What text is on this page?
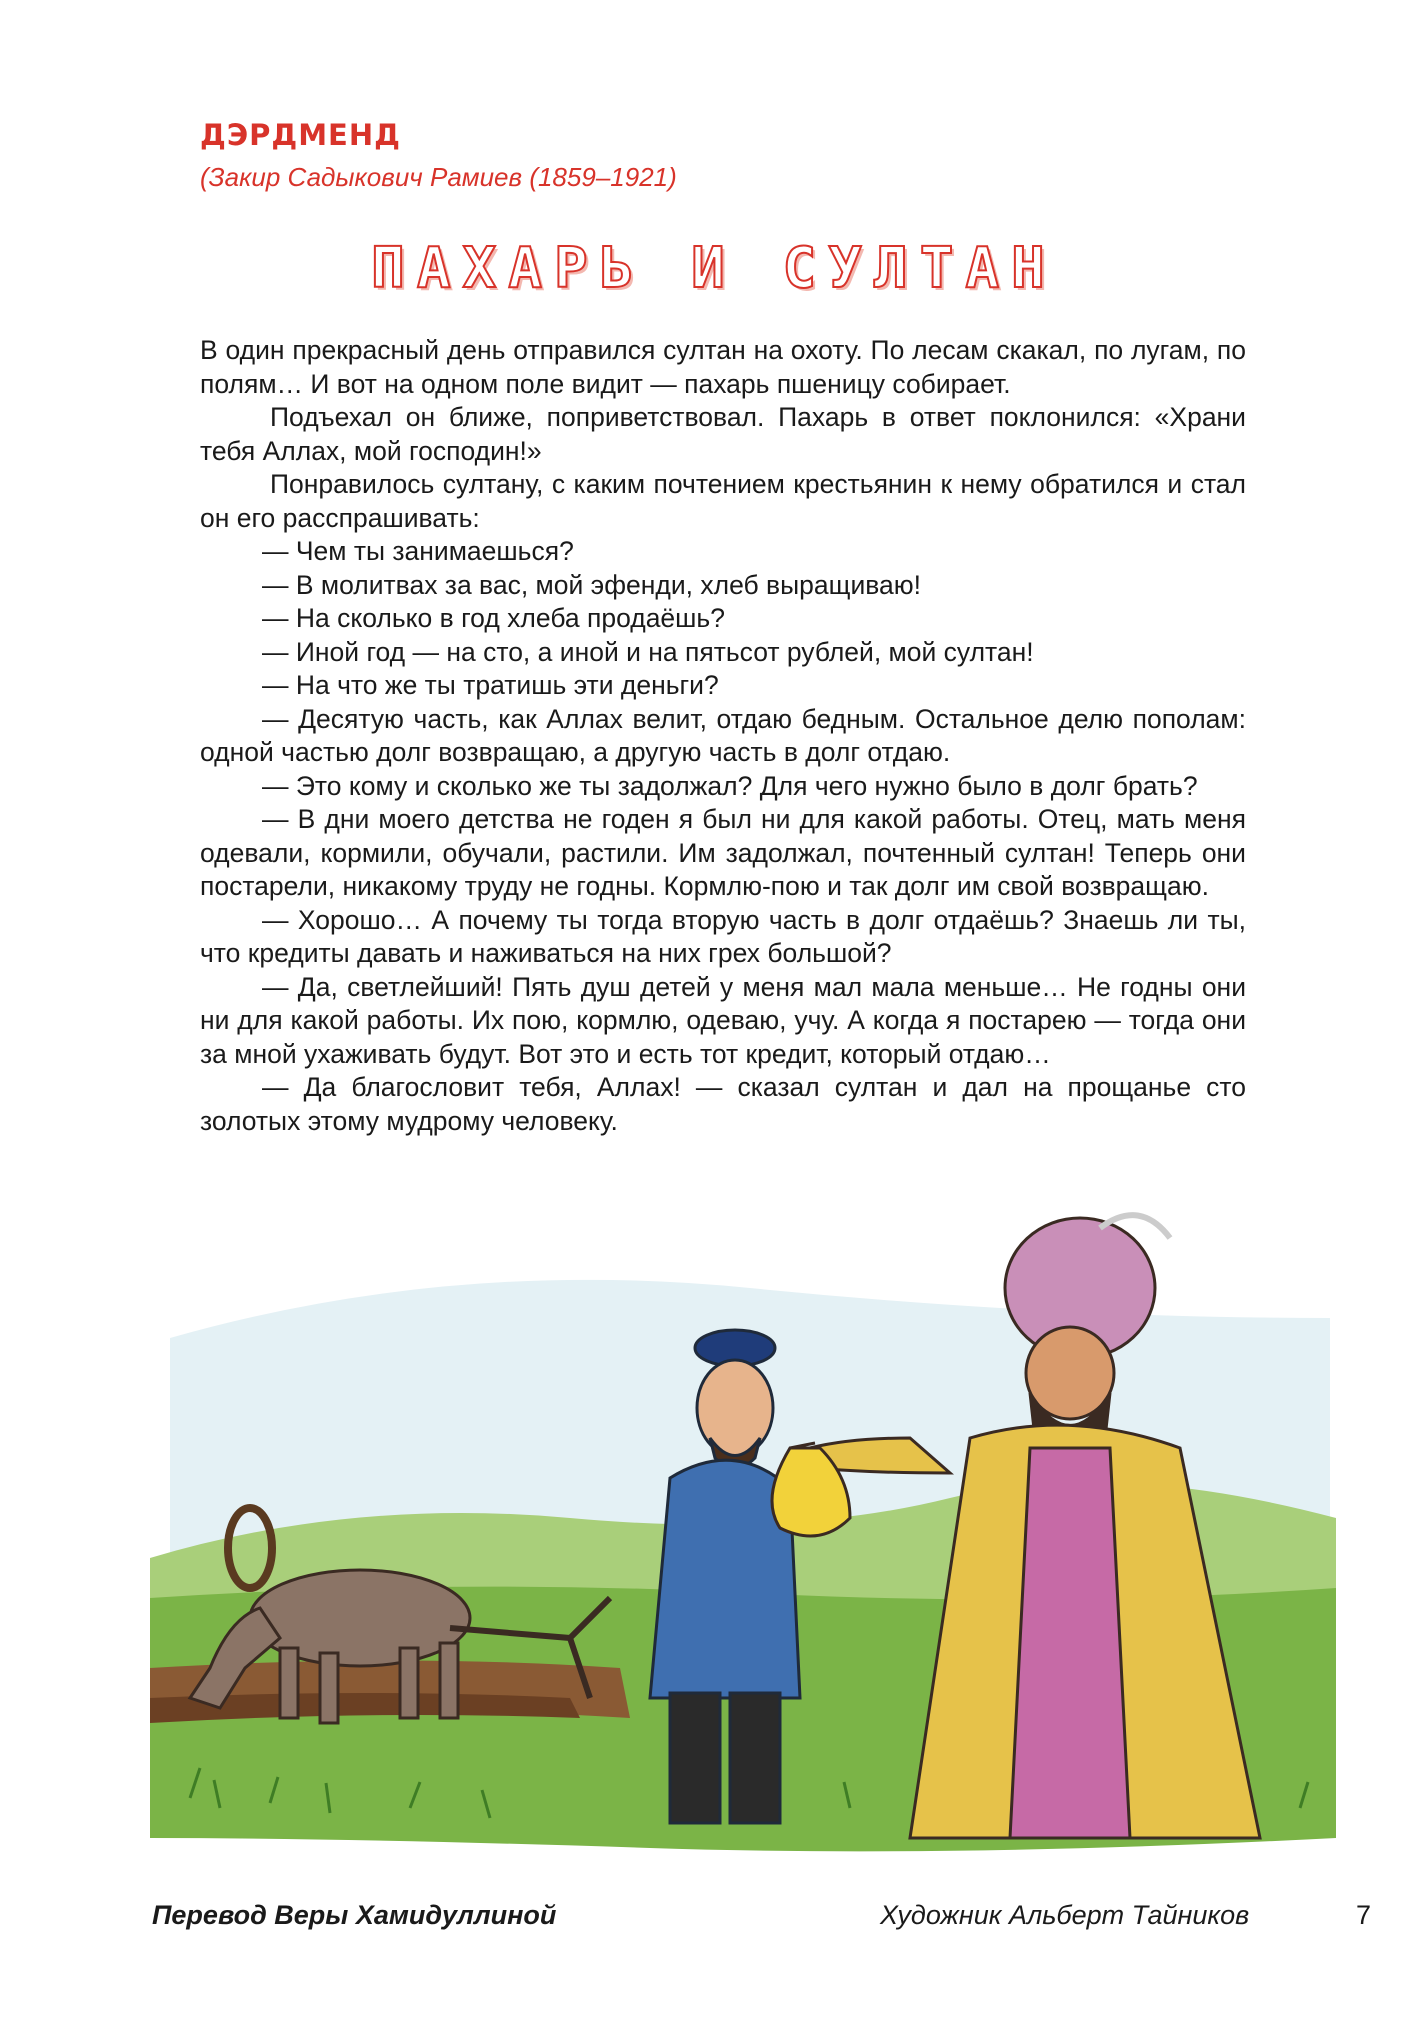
ДЭРДМЕНД
(Закир Садыкович Рамиев (1859–1921)
ПАХАРЬ И СУЛТАН

В один прекрасный день отправился султан на охоту. По лесам скакал, по лугам, по полям… И вот на одном поле видит — пахарь пшеницу собирает.

Подъехал он ближе, поприветствовал. Пахарь в ответ поклонился: «Храни тебя Аллах, мой господин!»

Понравилось султану, с каким почтением крестьянин к нему обратился и стал он его расспрашивать:

— Чем ты занимаешься?

— В молитвах за вас, мой эфенди, хлеб выращиваю!

— На сколько в год хлеба продаёшь?

— Иной год — на сто, а иной и на пятьсот рублей, мой султан!

— На что же ты тратишь эти деньги?

— Десятую часть, как Аллах велит, отдаю бедным. Остальное делю пополам: одной частью долг возвращаю, а другую часть в долг отдаю.

— Это кому и сколько же ты задолжал? Для чего нужно было в долг брать?

— В дни моего детства не годен я был ни для какой работы. Отец, мать меня одевали, кормили, обучали, растили. Им задолжал, почтенный султан! Теперь они постарели, никакому труду не годны. Кормлю-пою и так долг им свой возвращаю.

— Хорошо… А почему ты тогда вторую часть в долг отдаёшь? Знаешь ли ты, что кредиты давать и наживаться на них грех большой?

— Да, светлейший! Пять душ детей у меня мал мала меньше… Не годны они ни для какой работы. Их пою, кормлю, одеваю, учу. А когда я постарею — тогда они за мной ухаживать будут. Вот это и есть тот кредит, который отдаю…

— Да благословит тебя, Аллах! — сказал султан и дал на прощанье сто золотых этому мудрому человеку.

Перевод Веры Хамидуллиной	Художник Альберт Тайников	7
